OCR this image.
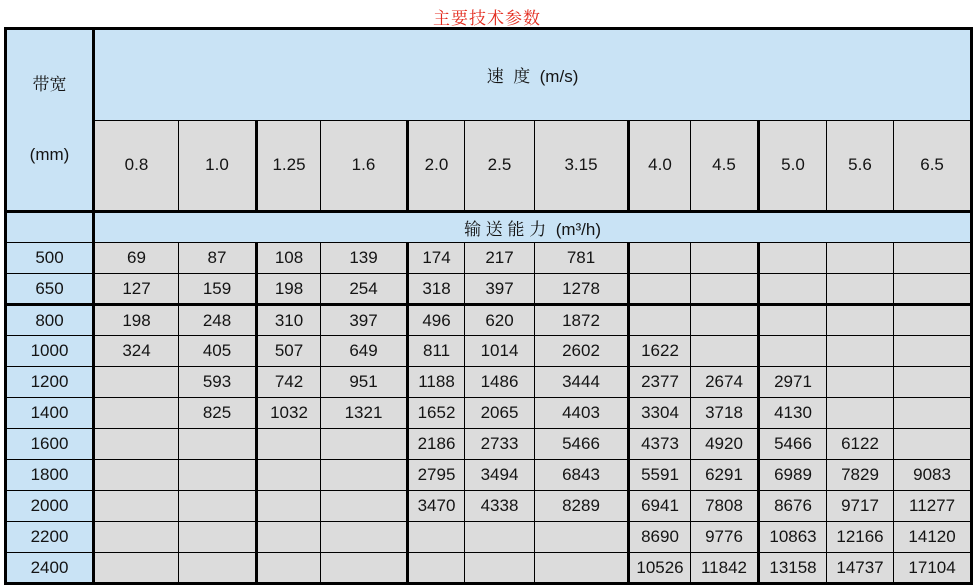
主要技术参数

带宽

(mm)	速  度  (m/s)											
	0.8	1.0	1.25	1.6	2.0	2.5	3.15	4.0	4.5	5.0	5.6	6.5
	输 送 能 力  (m³/h)											
500	69	87	108	139	174	217	781					
650	127	159	198	254	318	397	1278					
800	198	248	310	397	496	620	1872					
1000	324	405	507	649	811	1014	2602	1622				
1200		593	742	951	1188	1486	3444	2377	2674	2971		
1400		825	1032	1321	1652	2065	4403	3304	3718	4130		
1600					2186	2733	5466	4373	4920	5466	6122	
1800					2795	3494	6843	5591	6291	6989	7829	9083
2000					3470	4338	8289	6941	7808	8676	9717	11277
2200								8690	9776	10863	12166	14120
2400								10526	11842	13158	14737	17104
